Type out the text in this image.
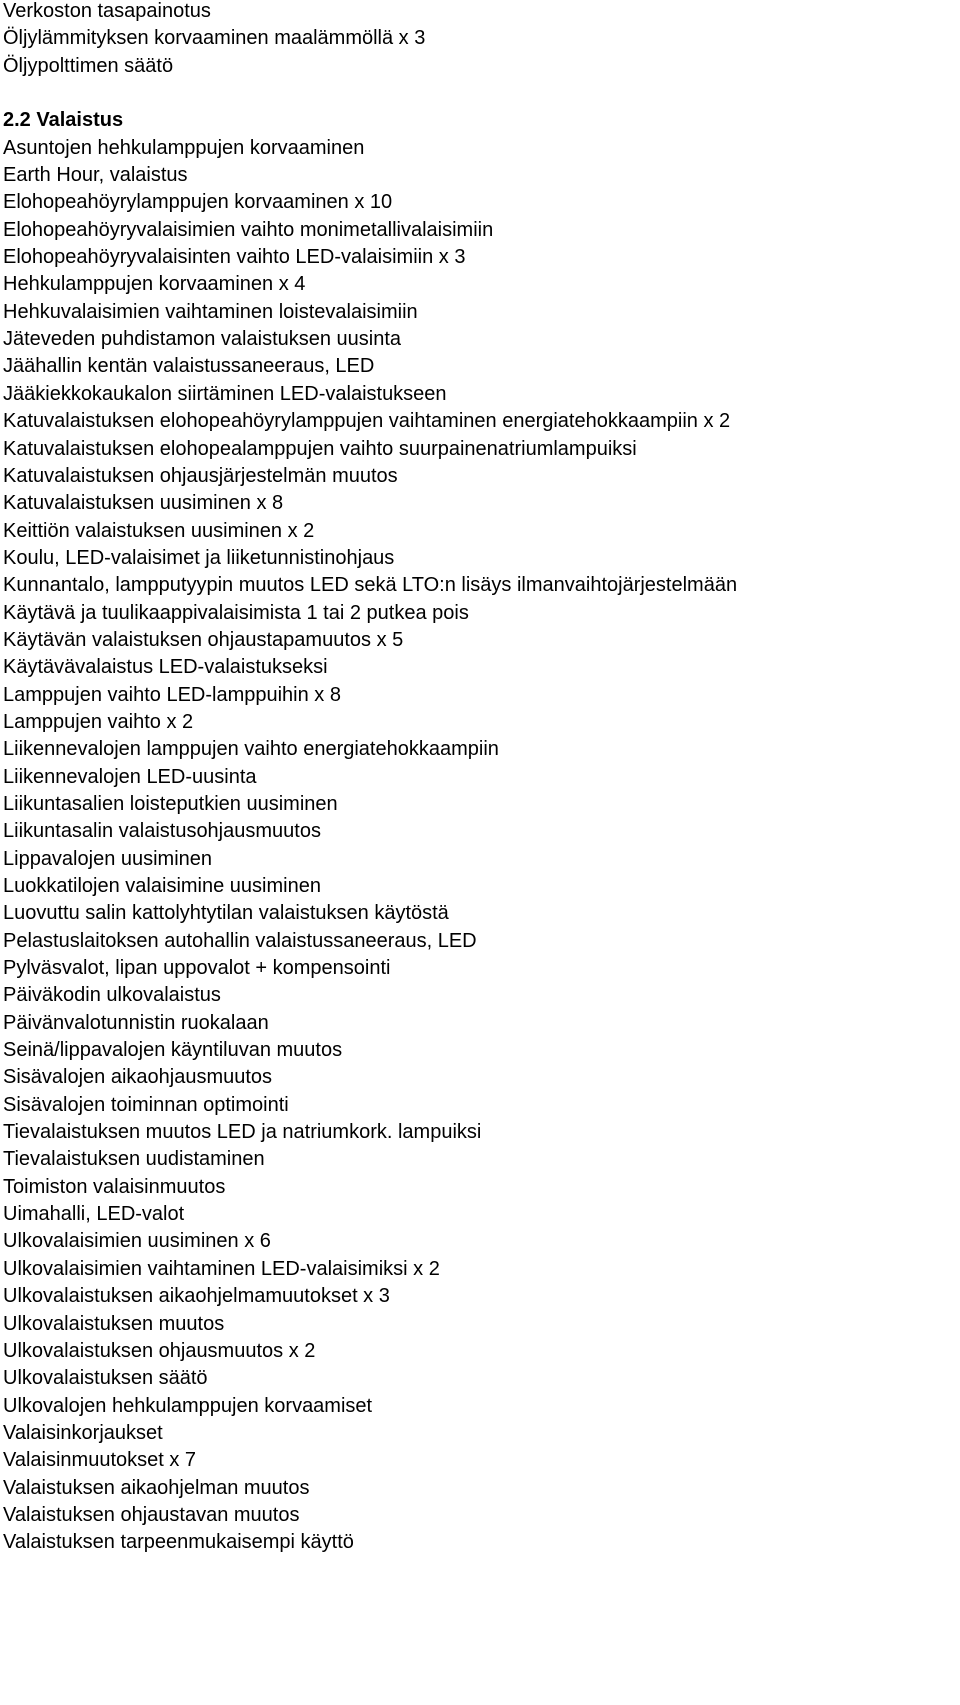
Verkoston tasapainotus
Öljylämmityksen korvaaminen maalämmöllä x 3
Öljypolttimen säätö
2.2 Valaistus
Asuntojen hehkulamppujen korvaaminen
Earth Hour, valaistus
Elohopeahöyrylamppujen korvaaminen x 10
Elohopeahöyryvalaisimien vaihto monimetallivalaisimiin
Elohopeahöyryvalaisinten vaihto LED-valaisimiin x 3
Hehkulamppujen korvaaminen x 4
Hehkuvalaisimien vaihtaminen loistevalaisimiin
Jäteveden puhdistamon valaistuksen uusinta
Jäähallin kentän valaistussaneeraus, LED
Jääkiekkokaukalon siirtäminen LED-valaistukseen
Katuvalaistuksen elohopeahöyrylamppujen vaihtaminen energiatehokkaampiin x 2
Katuvalaistuksen elohopealamppujen vaihto suurpainenatriumlampuiksi
Katuvalaistuksen ohjausjärjestelmän muutos
Katuvalaistuksen uusiminen x 8
Keittiön valaistuksen uusiminen x 2
Koulu, LED-valaisimet ja liiketunnistinohjaus
Kunnantalo, lampputyypin muutos LED sekä LTO:n lisäys ilmanvaihtojärjestelmään
Käytävä ja tuulikaappivalaisimista 1 tai 2 putkea pois
Käytävän valaistuksen ohjaustapamuutos x 5
Käytävävalaistus LED-valaistukseksi
Lamppujen vaihto LED-lamppuihin x 8
Lamppujen vaihto x 2
Liikennevalojen lamppujen vaihto energiatehokkaampiin
Liikennevalojen LED-uusinta
Liikuntasalien loisteputkien uusiminen
Liikuntasalin valaistusohjausmuutos
Lippavalojen uusiminen
Luokkatilojen valaisimine uusiminen
Luovuttu salin kattolyhtytilan valaistuksen käytöstä
Pelastuslaitoksen autohallin valaistussaneeraus, LED
Pylväsvalot, lipan uppovalot + kompensointi
Päiväkodin ulkovalaistus
Päivänvalotunnistin ruokalaan
Seinä/lippavalojen käyntiluvan muutos
Sisävalojen aikaohjausmuutos
Sisävalojen toiminnan optimointi
Tievalaistuksen muutos LED ja natriumkork. lampuiksi
Tievalaistuksen uudistaminen
Toimiston valaisinmuutos
Uimahalli, LED-valot
Ulkovalaisimien uusiminen x 6
Ulkovalaisimien vaihtaminen LED-valaisimiksi x 2
Ulkovalaistuksen aikaohjelmamuutokset x 3
Ulkovalaistuksen muutos
Ulkovalaistuksen ohjausmuutos x 2
Ulkovalaistuksen säätö
Ulkovalojen hehkulamppujen korvaamiset
Valaisinkorjaukset
Valaisinmuutokset x 7
Valaistuksen aikaohjelman muutos
Valaistuksen ohjaustavan muutos
Valaistuksen tarpeenmukaisempi käyttö
